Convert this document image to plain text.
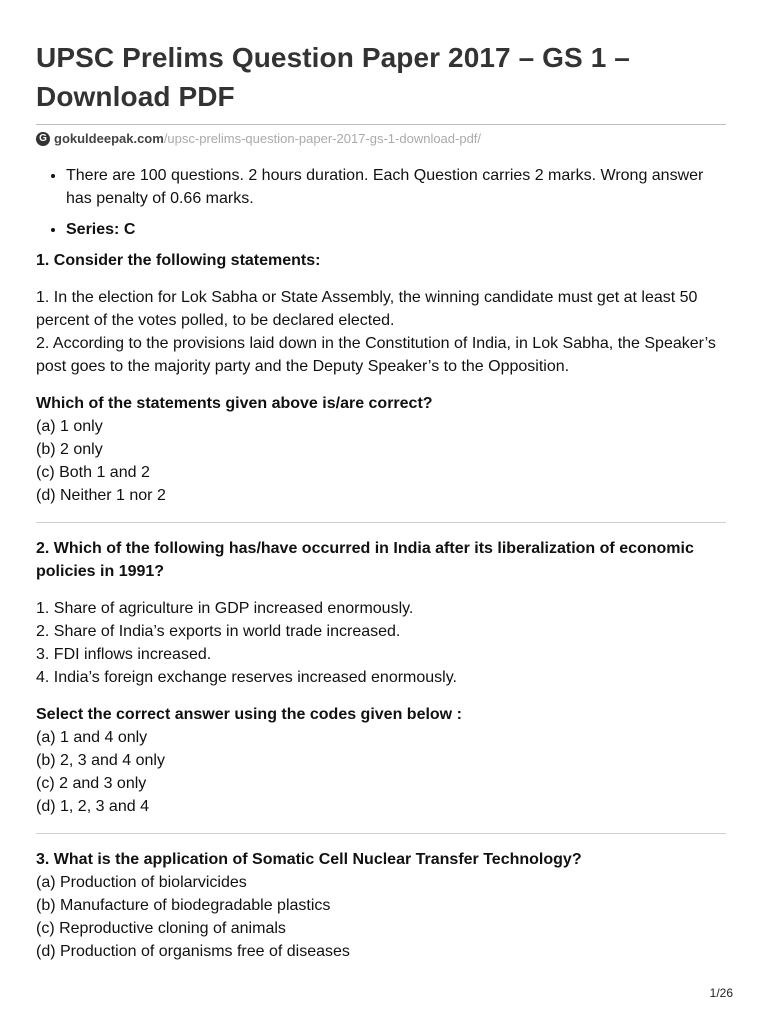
UPSC Prelims Question Paper 2017 – GS 1 – Download PDF
G gokuldeepak.com /upsc-prelims-question-paper-2017-gs-1-download-pdf/
• There are 100 questions. 2 hours duration. Each Question carries 2 marks. Wrong answer has penalty of 0.66 marks.
• Series: C

1. Consider the following statements:

1. In the election for Lok Sabha or State Assembly, the winning candidate must get at least 50 percent of the votes polled, to be declared elected.

2. According to the provisions laid down in the Constitution of India, in Lok Sabha, the Speaker’s post goes to the majority party and the Deputy Speaker’s to the Opposition.

Which of the statements given above is/are correct?

(a) 1 only

(b) 2 only

(c) Both 1 and 2

(d) Neither 1 nor 2

2. Which of the following has/have occurred in India after its liberalization of economic policies in 1991?

1. Share of agriculture in GDP increased enormously.

2. Share of India’s exports in world trade increased.

3. FDI inflows increased.

4. India’s foreign exchange reserves increased enormously.

Select the correct answer using the codes given below :

(a) 1 and 4 only

(b) 2, 3 and 4 only

(c) 2 and 3 only

(d) 1, 2, 3 and 4

3. What is the application of Somatic Cell Nuclear Transfer Technology?

(a) Production of biolarvicides

(b) Manufacture of biodegradable plastics

(c) Reproductive cloning of animals

(d) Production of organisms free of diseases

1/26
